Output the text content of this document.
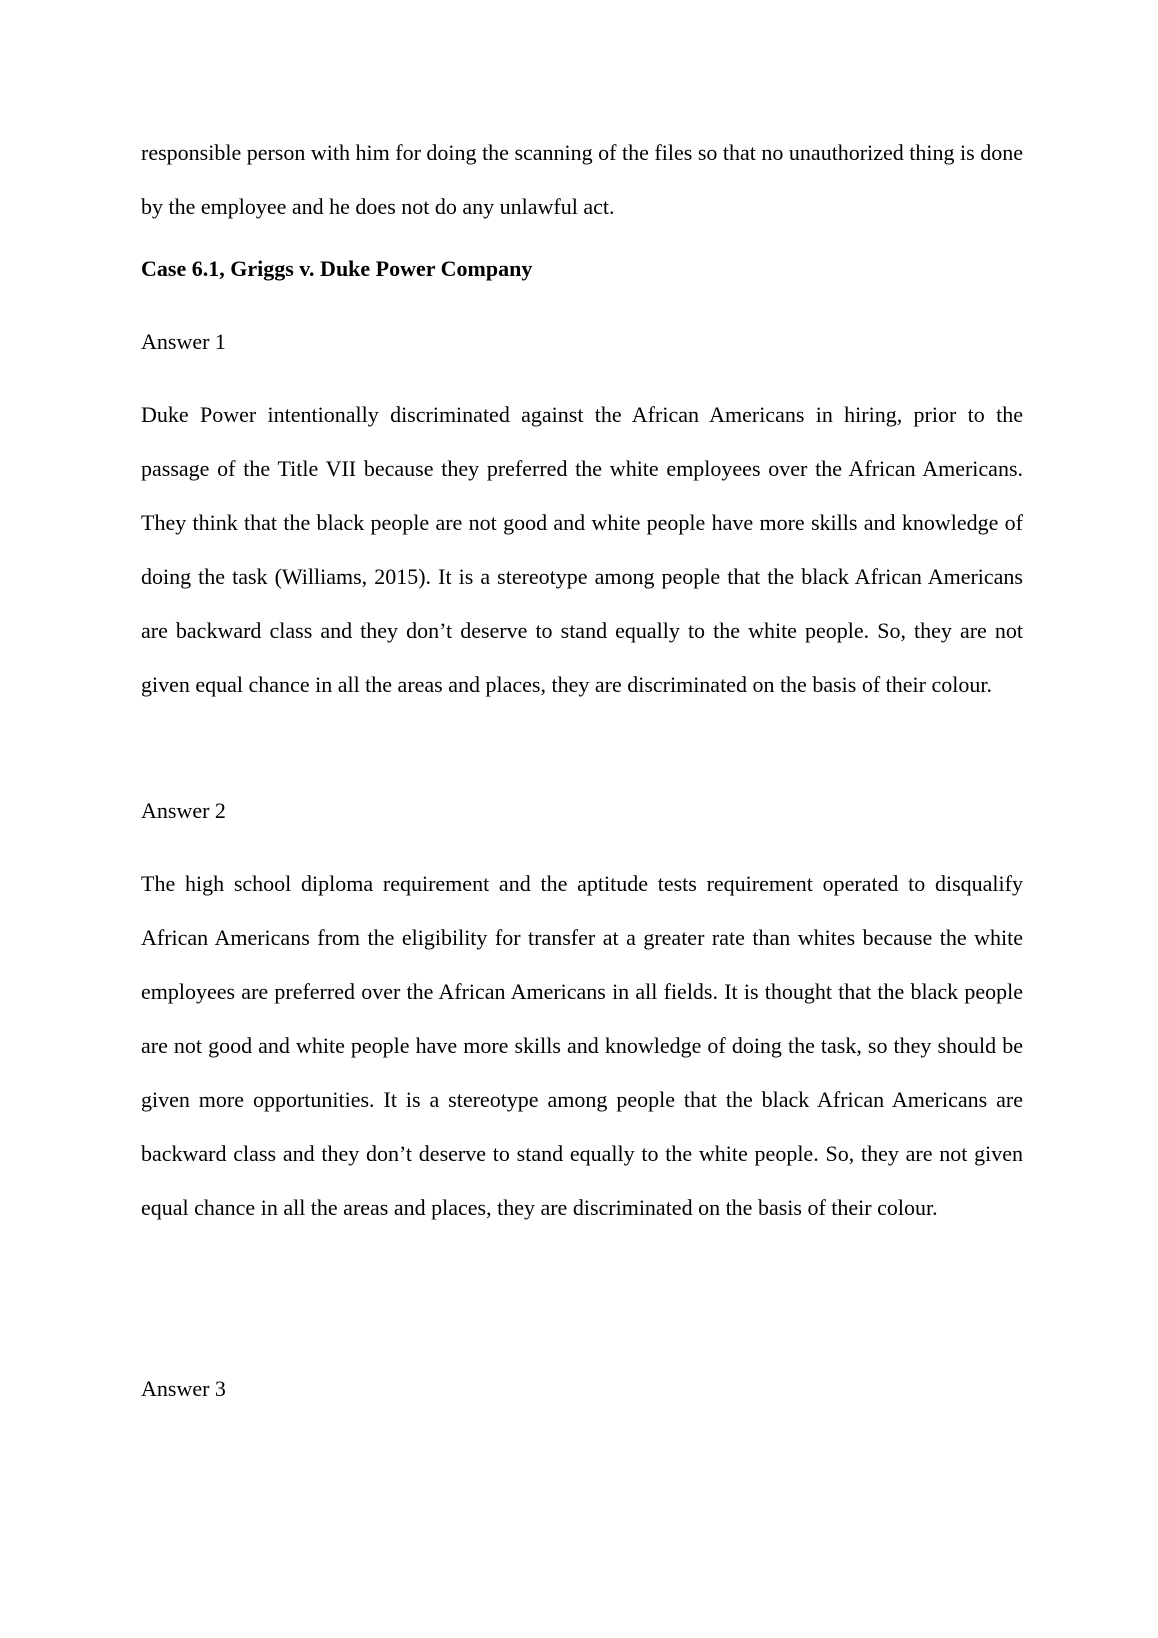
responsible person with him for doing the scanning of the files so that no unauthorized thing is done by the employee and he does not do any unlawful act.

Case 6.1, Griggs v. Duke Power Company

Answer 1

Duke Power intentionally discriminated against the African Americans in hiring, prior to the passage of the Title VII because they preferred the white employees over the African Americans. They think that the black people are not good and white people have more skills and knowledge of doing the task (Williams, 2015). It is a stereotype among people that the black African Americans are backward class and they don’t deserve to stand equally to the white people. So, they are not given equal chance in all the areas and places, they are discriminated on the basis of their colour.

Answer 2

The high school diploma requirement and the aptitude tests requirement operated to disqualify African Americans from the eligibility for transfer at a greater rate than whites because the white employees are preferred over the African Americans in all fields. It is thought that the black people are not good and white people have more skills and knowledge of doing the task, so they should be given more opportunities. It is a stereotype among people that the black African Americans are backward class and they don’t deserve to stand equally to the white people. So, they are not given equal chance in all the areas and places, they are discriminated on the basis of their colour.

Answer 3
